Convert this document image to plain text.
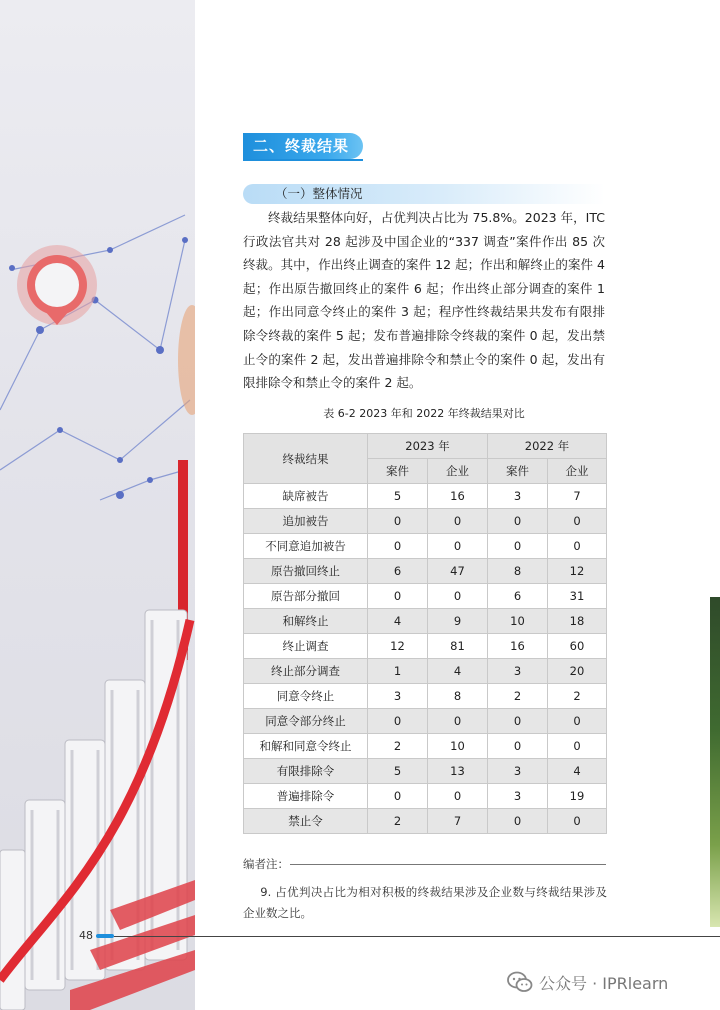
二、终裁结果
（一）整体情况

终裁结果整体向好，占优判决占比为 75.8%。2023 年，ITC 行政法官共对 28 起涉及中国企业的“337 调查”案件作出 85 次终裁。其中，作出终止调查的案件 12 起；作出和解终止的案件 4 起；作出原告撤回终止的案件 6 起；作出终止部分调查的案件 1 起；作出同意令终止的案件 3 起；程序性终裁结果共发布有限排除令终裁的案件 5 起；发布普遍排除令终裁的案件 0 起，发出禁止令的案件 2 起，发出普遍排除令和禁止令的案件 0 起，发出有限排除令和禁止令的案件 2 起。

表 6-2 2023 年和 2022 年终裁结果对比
终裁结果	2023 年		2022 年	
	案件	企业	案件	企业
缺席被告	5	16	3	7
追加被告	0	0	0	0
不同意追加被告	0	0	0	0
原告撤回终止	6	47	8	12
原告部分撤回	0	0	6	31
和解终止	4	9	10	18
终止调查	12	81	16	60
终止部分调查	1	4	3	20
同意令终止	3	8	2	2
同意令部分终止	0	0	0	0
和解和同意令终止	2	10	0	0
有限排除令	5	13	3	4
普遍排除令	0	0	3	19
禁止令	2	7	0	0
编者注：

9. 占优判决占比为相对积极的终裁结果涉及企业数与终裁结果涉及企业数之比。

48
公众号 · IPRlearn
